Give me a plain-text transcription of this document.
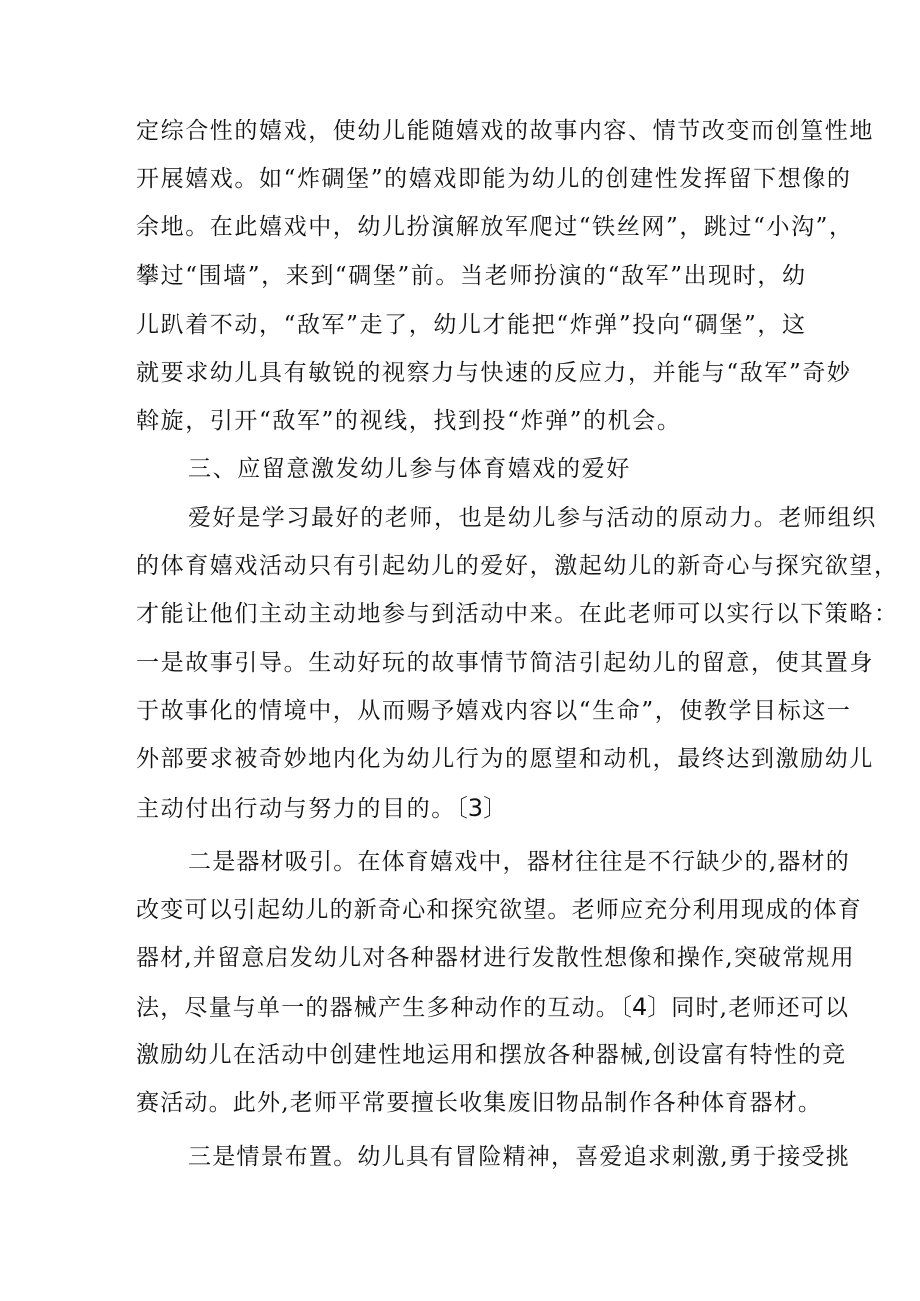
定综合性的嬉戏，使幼儿能随嬉戏的故事内容、情节改变而创篁性地
开展嬉戏。如“炸碉堡”的嬉戏即能为幼儿的创建性发挥留下想像的
余地。在此嬉戏中，幼儿扮演解放军爬过“铁丝网”，跳过“小沟”，
攀过“围墙”，来到“碉堡”前。当老师扮演的“敌军”出现时，幼
儿趴着不动，“敌军”走了，幼儿才能把“炸弹”投向“碉堡”，这
就要求幼儿具有敏锐的视察力与快速的反应力，并能与“敌军”奇妙
斡旋，引开“敌军”的视线，找到投“炸弹”的机会。
三、应留意激发幼儿参与体育嬉戏的爱好
爱好是学习最好的老师，也是幼儿参与活动的原动力。老师组织
的体育嬉戏活动只有引起幼儿的爱好，激起幼儿的新奇心与探究欲望，
才能让他们主动主动地参与到活动中来。在此老师可以实行以下策略：
一是故事引导。生动好玩的故事情节简洁引起幼儿的留意，使其置身
于故事化的情境中，从而赐予嬉戏内容以“生命”，使教学目标这一
外部要求被奇妙地内化为幼儿行为的愿望和动机，最终达到激励幼儿
主动付出行动与努力的目的。〔3〕
二是器材吸引。在体育嬉戏中，器材往往是不行缺少的,器材的
改变可以引起幼儿的新奇心和探究欲望。老师应充分利用现成的体育
器材,并留意启发幼儿对各种器材进行发散性想像和操作,突破常规用
法，尽量与单一的器械产生多种动作的互动。〔4〕同时,老师还可以
激励幼儿在活动中创建性地运用和摆放各种器械,创设富有特性的竞
赛活动。此外,老师平常要擅长收集废旧物品制作各种体育器材。
三是情景布置。幼儿具有冒险精神，喜爱追求刺激,勇于接受挑
